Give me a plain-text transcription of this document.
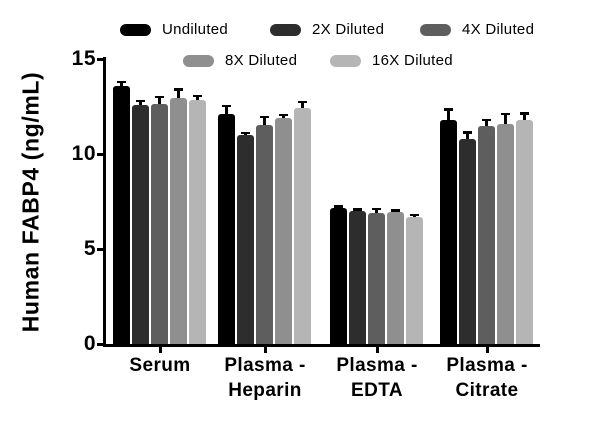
Human FABP4 (ng/mL)
0
5
10
15
Serum	Plasma -
Heparin
Plasma -
EDTA
Plasma -
Citrate
Undiluted	2X Diluted	4X Diluted
8X Diluted	16X Diluted
